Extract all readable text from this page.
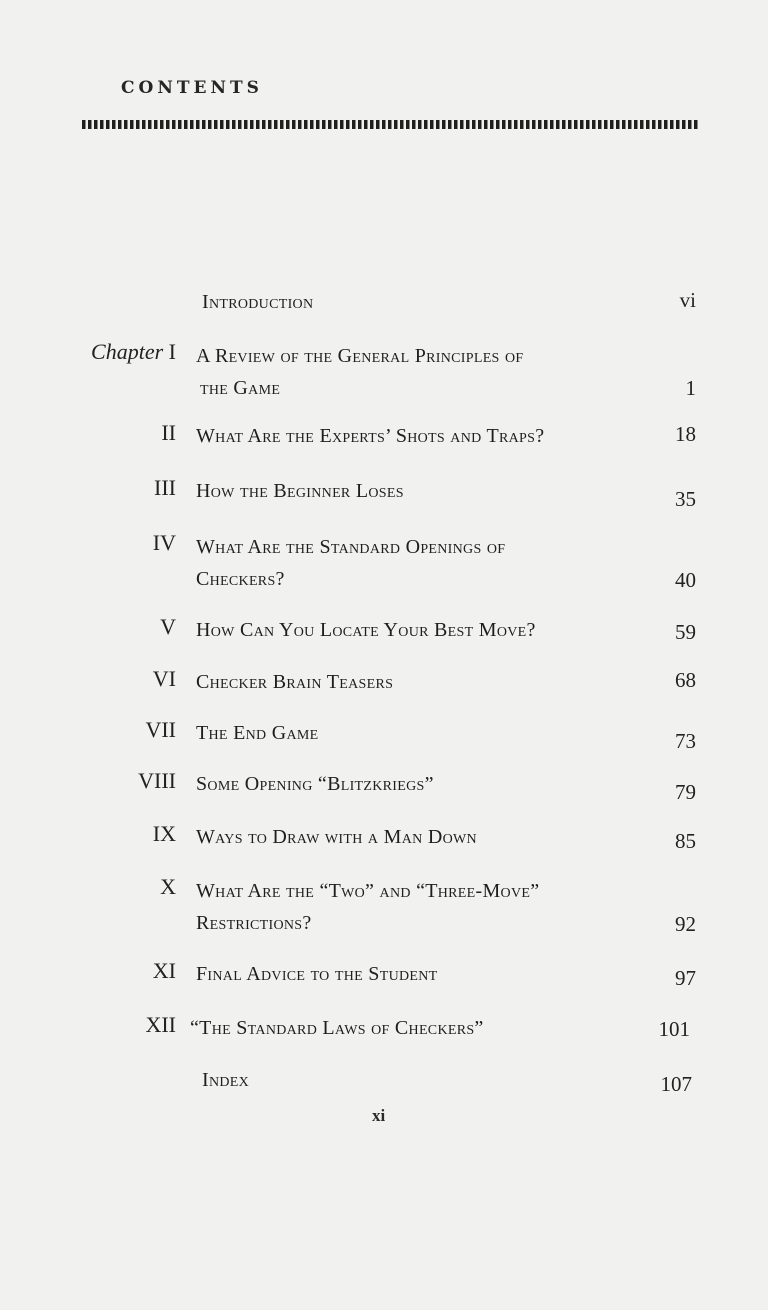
CONTENTS
Introduction	vi
Chapter I A Review of the General Principles of
the Game	1
II What Are the Experts’ Shots and Traps?	18
III How the Beginner Loses	35
IV What Are the Standard Openings of
Checkers?	40
V How Can You Locate Your Best Move?	59
VI Checker Brain Teasers	68
VII The End Game	73
VIII Some Opening “Blitzkriegs”	79
IX Ways to Draw with a Man Down	85
X What Are the “Two” and “Three-Move”
Restrictions?	92
XI Final Advice to the Student	97
XII “The Standard Laws of Checkers”	101
Index	107
xi
